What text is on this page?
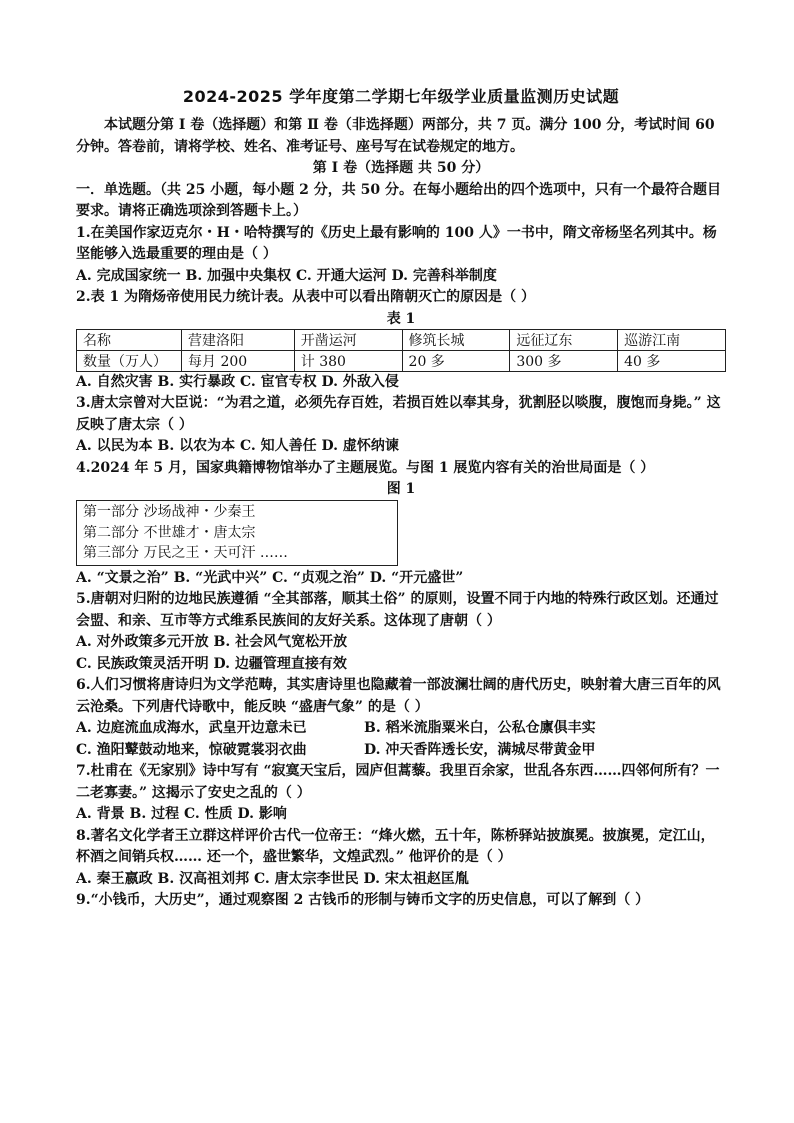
2024-2025 学年度第二学期七年级学业质量监测历史试题

本试题分第 Ⅰ 卷（选择题）和第 Ⅱ 卷（非选择题）两部分，共 7 页。满分 100 分，考试时间 60 分钟。答卷前，请将学校、姓名、准考证号、座号写在试卷规定的地方。

第 Ⅰ 卷（选择题 共 50 分）

一．单选题。（共 25 小题，每小题 2 分，共 50 分。在每小题给出的四个选项中，只有一个最符合题目要求。请将正确选项涂到答题卡上。）

1.在美国作家迈克尔・H・哈特撰写的《历史上最有影响的 100 人》一书中，隋文帝杨坚名列其中。杨坚能够入选最重要的理由是（ ）

A. 完成国家统一 B. 加强中央集权 C. 开通大运河 D. 完善科举制度

2.表 1 为隋炀帝使用民力统计表。从表中可以看出隋朝灭亡的原因是（ ）

表 1
名称	营建洛阳	开凿运河	修筑长城	远征辽东	巡游江南
数量（万人）	每月 200	计 380	20 多	300 多	40 多

A. 自然灾害 B. 实行暴政 C. 宦官专权 D. 外敌入侵

3.唐太宗曾对大臣说：“为君之道，必须先存百姓，若损百姓以奉其身，犹割胫以啖腹，腹饱而身毙。” 这反映了唐太宗（ ）

A. 以民为本 B. 以农为本 C. 知人善任 D. 虚怀纳谏

4.2024 年 5 月，国家典籍博物馆举办了主题展览。与图 1 展览内容有关的治世局面是（ ）

图 1
第一部分 沙场战神・少秦王
第二部分 不世雄才・唐太宗
第三部分 万民之王・天可汗 ……

A. “文景之治” B. “光武中兴” C. “贞观之治” D. “开元盛世”

5.唐朝对归附的边地民族遵循 “全其部落，顺其土俗” 的原则，设置不同于内地的特殊行政区划。还通过会盟、和亲、互市等方式维系民族间的友好关系。这体现了唐朝（ ）

A. 对外政策多元开放 B. 社会风气宽松开放

C. 民族政策灵活开明 D. 边疆管理直接有效

6.人们习惯将唐诗归为文学范畴，其实唐诗里也隐藏着一部波澜壮阔的唐代历史，映射着大唐三百年的风云沧桑。下列唐代诗歌中，能反映 “盛唐气象” 的是（ ）

A. 边庭流血成海水，武皇开边意未已	B. 稻米流脂粟米白，公私仓廪俱丰实
C. 渔阳鼙鼓动地来，惊破霓裳羽衣曲	D. 冲天香阵透长安，满城尽带黄金甲

7.杜甫在《无家别》诗中写有 “寂寞天宝后，园庐但蒿藜。我里百余家，世乱各东西……四邻何所有？一二老寡妻。” 这揭示了安史之乱的（ ）

A. 背景 B. 过程 C. 性质 D. 影响

8.著名文化学者王立群这样评价古代一位帝王：“烽火燃，五十年，陈桥驿站披旗冕。披旗冕，定江山，杯酒之间销兵权…… 还一个，盛世繁华，文煌武烈。” 他评价的是（ ）

A. 秦王嬴政 B. 汉高祖刘邦 C. 唐太宗李世民 D. 宋太祖赵匡胤

9.“小钱币，大历史”，通过观察图 2 古钱币的形制与铸币文字的历史信息，可以了解到（ ）
